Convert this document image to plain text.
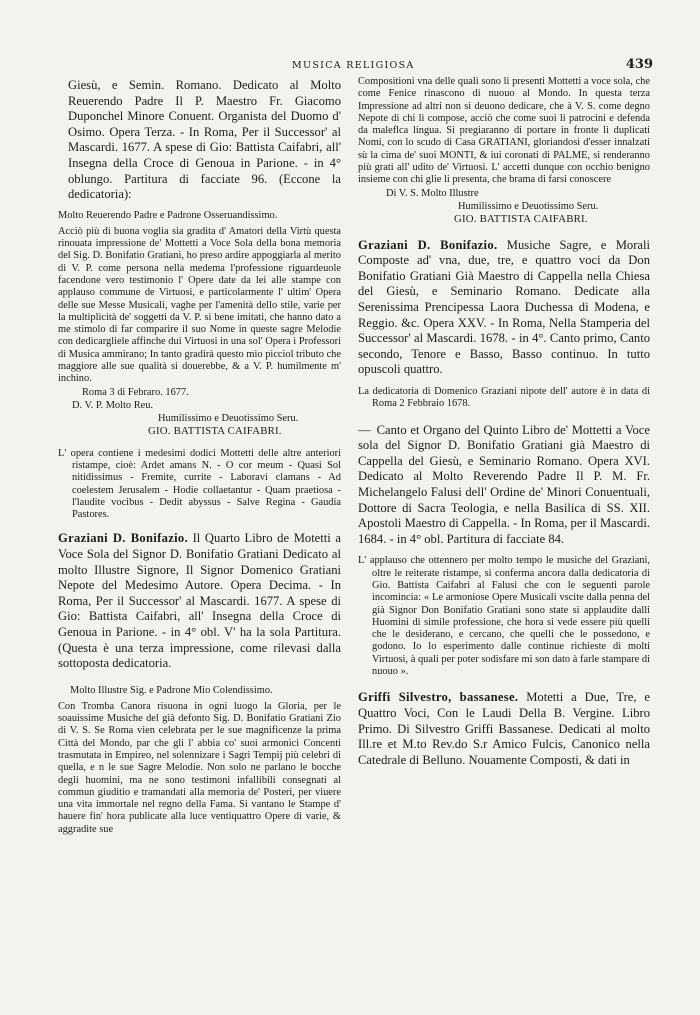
MUSICA RELIGIOSA	439

Giesù, e Semin. Romano. Dedicato al Molto Reuerendo Padre Il P. Maestro Fr. Giacomo Duponchel Minore Conuent. Organista del Duomo d' Osimo. Opera Terza. - In Roma, Per il Successor' al Mascardi. 1677. A spese di Gio: Battista Caifabri, all' Insegna della Croce di Genoua in Parione. - in 4° oblungo. Partitura di facciate 96. (Eccone la dedicatoria):

Molto Reuerendo Padre e Padrone Osseruandissimo.

Acciò più di buona voglia sia gradita d' Amatori della Virtù questa rinouata impressione de' Mottetti a Voce Sola della bona memoria del Sig. D. Bonifatio Gratiani, ho preso ardire appoggiarla al merito di V. P. come persona nella medema l'professione riguardeuole facendone vero testimonio l' Opere date da lei alle stampe con applauso commune de Virtuosi, e particolarmente l' ultim' Opera delle sue Messe Musicali, vaghe per l'amenità dello stile, varie per la multiplicità de' soggetti da V. P. si bene imitati, che hanno dato a me stimolo di far comparire il suo Nome in queste sagre Melodie con dedicargliele affinche dui Virtuosi in una sol' Opera i Professori di Musica ammirano; In tanto gradirà questo mio picciol tributo che maggiore alle sue qualità si douerebbe, & a V. P. humilmente m' inchino.

Roma 3 di Febraro. 1677.

D. V. P. Molto Reu.

Humilissimo e Deuotissimo Seru.

GIO. BATTISTA CAIFABRI.

L' opera contiene i medesimi dodici Mottetti delle altre anteriori ristampe, cioè: Ardet amans N. - O cor meum - Quasi Sol nitidissimus - Fremite, currite - Laboravi clamans - Ad coelestem Jerusalem - Hodie collaetantur - Quam praetiosa - l'laudite vocibus - Dedit abyssus - Salve Regina - Gaudia Pastores.

Graziani D. Bonifazio. Il Quarto Libro de Motetti a Voce Sola del Signor D. Bonifatio Gratiani Dedicato al molto Illustre Signore, Il Signor Domenico Gratiani Nepote del Medesimo Autore. Opera Decima. - In Roma, Per il Successor' al Mascardi. 1677. A spese di Gio: Battista Caifabri, all' Insegna della Croce di Genoua in Parione. - in 4° obl. V' ha la sola Partitura. (Questa è una terza impressione, come rilevasi dalla sottoposta dedicatoria.

Molto Illustre Sig. e Padrone Mio Colendissimo.

Con Tromba Canora risuona in ogni luogo la Gloria, per le soauissime Musiche del già defonto Sig. D. Bonifatio Gratiani Zio di V. S. Se Roma vien celebrata per le sue magnificenze la prima Città del Mondo, par che gli l' abbia co' suoi armonici Concenti trasmutata in Empireo, nel solennizare i Sagri Tempij più celebri di quella, e n le sue Sagre Melodie. Non solo ne parlano le bocche degli huomini, ma ne sono testimoni infallibili consegnati al commun giuditio e tramandati alla memoria de' Posteri, per viuere una vita immortale nel regno della Fama. Si vantano le Stampe d' hauere fin' hora publicate alla luce ventiquattro Opere di varie, & aggradite sue

Compositioni vna delle quali sono li presenti Mottetti a voce sola, che come Fenice rinascono di nuouo al Mondo. In questa terza Impressione ad altri non si deuono dedicare, che à V. S. come degno Nepote di chi li compose, acciò che come suoi li patrocini e defenda da maleflca lingua. Si pregiaranno di portare in fronte li duplicati Nomi, con lo scudo di Casa GRATIANI, gloriandosi d'esser innalzati sù la cima de' suoi MONTI, & iui coronati di PALME, si renderanno più grati all' udito de' Virtuosi. L' accetti dunque con occhio benigno insieme con chi glie li presenta, che brama di farsi conoscere

Di V. S. Molto Illustre

Humilissimo e Deuotissimo Seru.

GIO. BATTISTA CAIFABRI.

Graziani D. Bonifazio. Musiche Sagre, e Morali Composte ad' vna, due, tre, e quattro voci da Don Bonifatio Gratiani Già Maestro di Cappella nella Chiesa del Giesù, e Seminario Romano. Dedicate alla Serenissima Prencipessa Laora Duchessa di Modena, e Reggio. &c. Opera XXV. - In Roma, Nella Stamperia del Successor' al Mascardi. 1678. - in 4°. Canto primo, Canto secondo, Tenore e Basso, Basso continuo. In tutto opuscoli quattro.

La dedicatoria di Domenico Graziani nipote dell' autore è in data di Roma 2 Febbraio 1678.

— Canto et Organo del Quinto Libro de' Mottetti a Voce sola del Signor D. Bonifatio Gratiani già Maestro di Cappella del Giesù, e Seminario Romano. Opera XVI. Dedicato al Molto Reverendo Padre Il P. M. Fr. Michelangelo Falusi dell' Ordine de' Minori Conuentuali, Dottore di Sacra Teologia, e nella Basilica di SS. XII. Apostoli Maestro di Cappella. - In Roma, per il Mascardi. 1684. - in 4° obl. Partitura di facciate 84.

L' applauso che ottennero per molto tempo le musiche del Graziani, oltre le reiterate ristampe, si conferma ancora dalla dedicatoria di Gio. Battista Caifabri al Falusi che con le seguenti parole incomincia: « Le armoniose Opere Musicali vscite dalla penna del già Signor Don Bonifatio Gratiani sono state si applaudite dalli Huomini di simile professione, che hora si vede essere più quelli che le desiderano, e cercano, che quelli che le possedono, e godono. Io lo esperimento dalle continue richieste di molti Virtuosi, à quali per poter sodisfare mi son dato à farle stampare di nuouo ».

Griffi Silvestro, bassanese. Motetti a Due, Tre, e Quattro Voci, Con le Laudi Della B. Vergine. Libro Primo. Di Silvestro Griffi Bassanese. Dedicati al molto Ill.re et M.to Rev.do S.r Amico Fulcis, Canonico nella Catedrale di Belluno. Nouamente Composti, & dati in
